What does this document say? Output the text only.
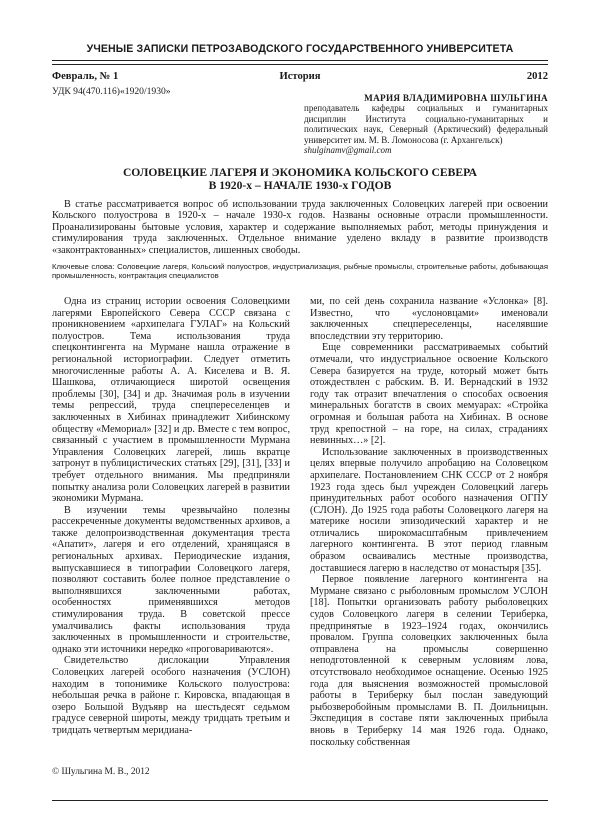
УЧЕНЫЕ ЗАПИСКИ ПЕТРОЗАВОДСКОГО ГОСУДАРСТВЕННОГО УНИВЕРСИТЕТА
История
Февраль, № 1	2012
УДК 94(470.116)«1920/1930»
МАРИЯ ВЛАДИМИРОВНА ШУЛЬГИНА
преподаватель кафедры социальных и гуманитарных дисциплин Института социально-гуманитарных и политических наук, Северный (Арктический) федеральный университет им. М. В. Ломоносова (г. Архангельск)
shulginamv@gmail.com
СОЛОВЕЦКИЕ ЛАГЕРЯ И ЭКОНОМИКА КОЛЬСКОГО СЕВЕРА
В 1920-х – НАЧАЛЕ 1930-х ГОДОВ

В статье рассматривается вопрос об использовании труда заключенных Соловецких лагерей при освоении Кольского полуострова в 1920-х – начале 1930-х годов. Названы основные отрасли промышленности. Проанализированы бытовые условия, характер и содержание выполняемых работ, методы принуждения и стимулирования труда заключенных. Отдельное внимание уделено вкладу в развитие производств «законтрактованных» специалистов, лишенных свободы.

Ключевые слова: Соловецкие лагеря, Кольский полуостров, индустриализация, рыбные промыслы, строительные работы, добывающая промышленность, контрактация специалистов

Одна из страниц истории освоения Соловецкими лагерями Европейского Севера СССР связана с проникновением «архипелага ГУЛАГ» на Кольский полуостров. Тема использования труда спецконтингента на Мурмане нашла отражение в региональной историографии. Следует отметить многочисленные работы А. А. Киселева и В. Я. Шашкова, отличающиеся широтой освещения проблемы [30], [34] и др. Значимая роль в изучении темы репрессий, труда спецпереселенцев и заключенных в Хибинах принадлежит Хибинскому обществу «Мемориал» [32] и др. Вместе с тем вопрос, связанный с участием в промышленности Мурмана Управления Соловецких лагерей, лишь вкратце затронут в публицистических статьях [29], [31], [33] и требует отдельного внимания. Мы предприняли попытку анализа роли Соловецких лагерей в развитии экономики Мурмана.

В изучении темы чрезвычайно полезны рассекреченные документы ведомственных архивов, а также делопроизводственная документация треста «Апатит», лагеря и его отделений, хранящаяся в региональных архивах. Периодические издания, выпускавшиеся в типографии Соловецкого лагеря, позволяют составить более полное представление о выполнявшихся заключенными работах, особенностях применявшихся методов стимулирования труда. В советской прессе умалчивались факты использования труда заключенных в промышленности и строительстве, однако эти источники нередко «проговариваются».

Свидетельство дислокации Управления Соловецких лагерей особого назначения (УСЛОН) находим в топонимике Кольского полуострова: небольшая речка в районе г. Кировска, впадающая в озеро Большой Вудъявр на шестьдесят седьмом градусе северной широты, между тридцать третьим и тридцать четвертым меридиана-

ми, по сей день сохранила название «Услонка» [8]. Известно, что «услоновцами» именовали заключенных спецпереселенцы, населявшие впоследствии эту территорию.

Еще современники рассматриваемых событий отмечали, что индустриальное освоение Кольского Севера базируется на труде, который может быть отождествлен с рабским. В. И. Вернадский в 1932 году так отразит впечатления о способах освоения минеральных богатств в своих мемуарах: «Стройка огромная и большая работа на Хибинах. В основе труд крепостной – на горе, на силах, страданиях невинных…» [2].

Использование заключенных в производственных целях впервые получило апробацию на Соловецком архипелаге. Постановлением СНК СССР от 2 ноября 1923 года здесь был учрежден Соловецкий лагерь принудительных работ особого назначения ОГПУ (СЛОН). До 1925 года работы Соловецкого лагеря на материке носили эпизодический характер и не отличались широкомасштабным привлечением лагерного контингента. В этот период главным образом осваивались местные производства, доставшиеся лагерю в наследство от монастыря [35].

Первое появление лагерного контингента на Мурмане связано с рыболовным промыслом УСЛОН [18]. Попытки организовать работу рыболовецких судов Соловецкого лагеря в селении Териберка, предпринятые в 1923–1924 годах, окончились провалом. Группа соловецких заключенных была отправлена на промыслы совершенно неподготовленной к северным условиям лова, отсутствовало необходимое оснащение. Осенью 1925 года для выяснения возможностей промысловой работы в Териберку был послан заведующий рыбозверобойным промыслами В. П. Доильницын. Экспедиция в составе пяти заключенных прибыла вновь в Териберку 14 мая 1926 года. Однако, поскольку собственная

© Шульгина М. В., 2012
